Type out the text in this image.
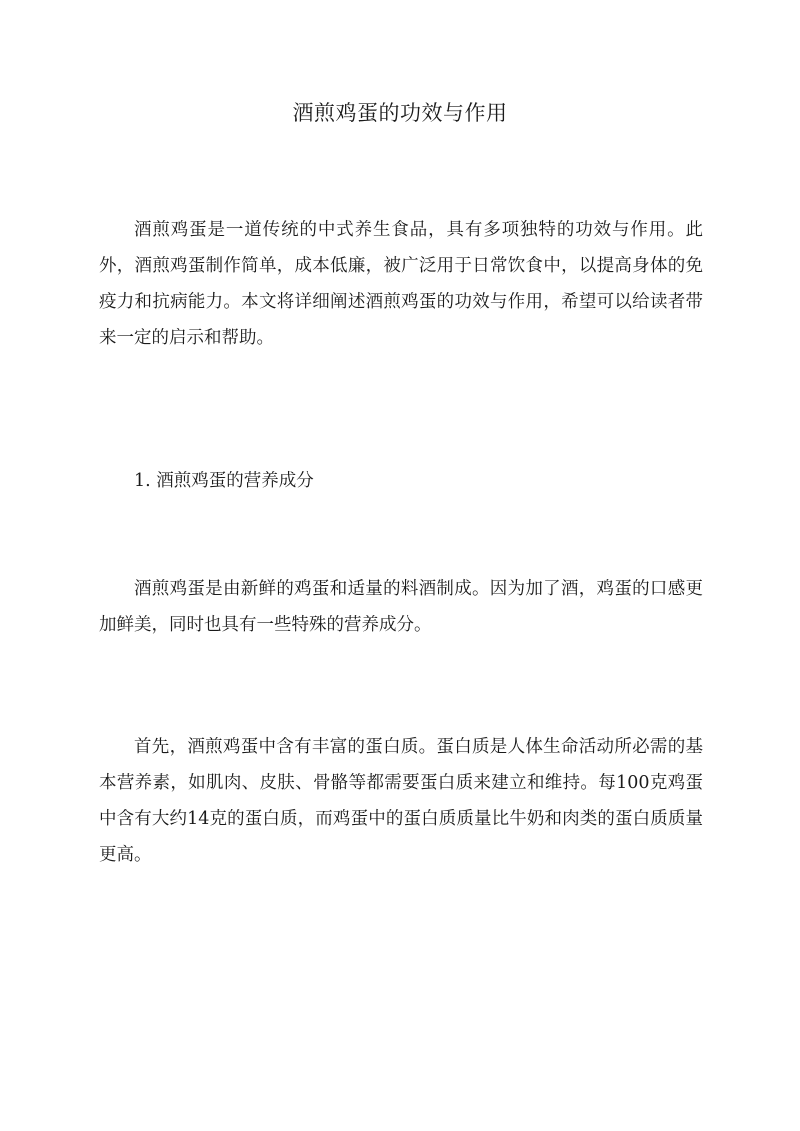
酒煎鸡蛋的功效与作用
酒煎鸡蛋是一道传统的中式养生食品，具有多项独特的功效与作用。此外，酒煎鸡蛋制作简单，成本低廉，被广泛用于日常饮食中，以提高身体的免疫力和抗病能力。本文将详细阐述酒煎鸡蛋的功效与作用，希望可以给读者带来一定的启示和帮助。
1. 酒煎鸡蛋的营养成分
酒煎鸡蛋是由新鲜的鸡蛋和适量的料酒制成。因为加了酒，鸡蛋的口感更加鲜美，同时也具有一些特殊的营养成分。
首先，酒煎鸡蛋中含有丰富的蛋白质。蛋白质是人体生命活动所必需的基本营养素，如肌肉、皮肤、骨骼等都需要蛋白质来建立和维持。每100克鸡蛋中含有大约14克的蛋白质，而鸡蛋中的蛋白质质量比牛奶和肉类的蛋白质质量更高。
